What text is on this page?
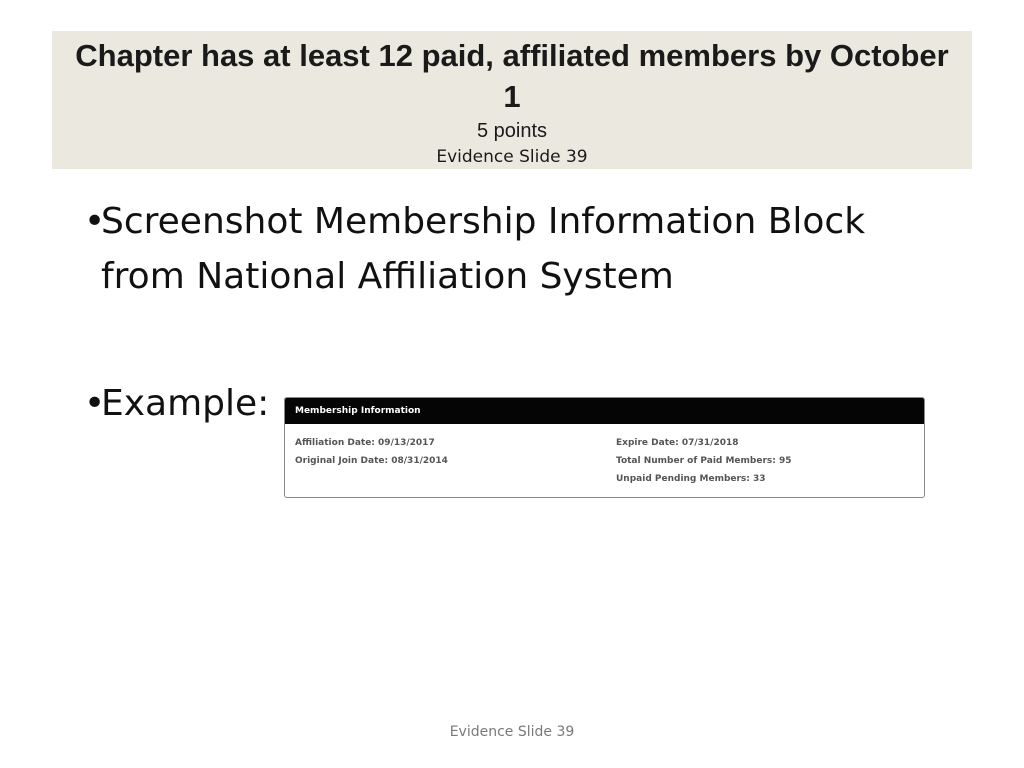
Chapter has at least 12 paid, affiliated members by October 1
5 points
Evidence Slide 39
•
Screenshot Membership Information Block from National Affiliation System
•
Example:	Membership Information
Affiliation Date: 09/13/2017
Original Join Date: 08/31/2014
Expire Date: 07/31/2018
Total Number of Paid Members: 95
Unpaid Pending Members: 33
Evidence Slide 39
